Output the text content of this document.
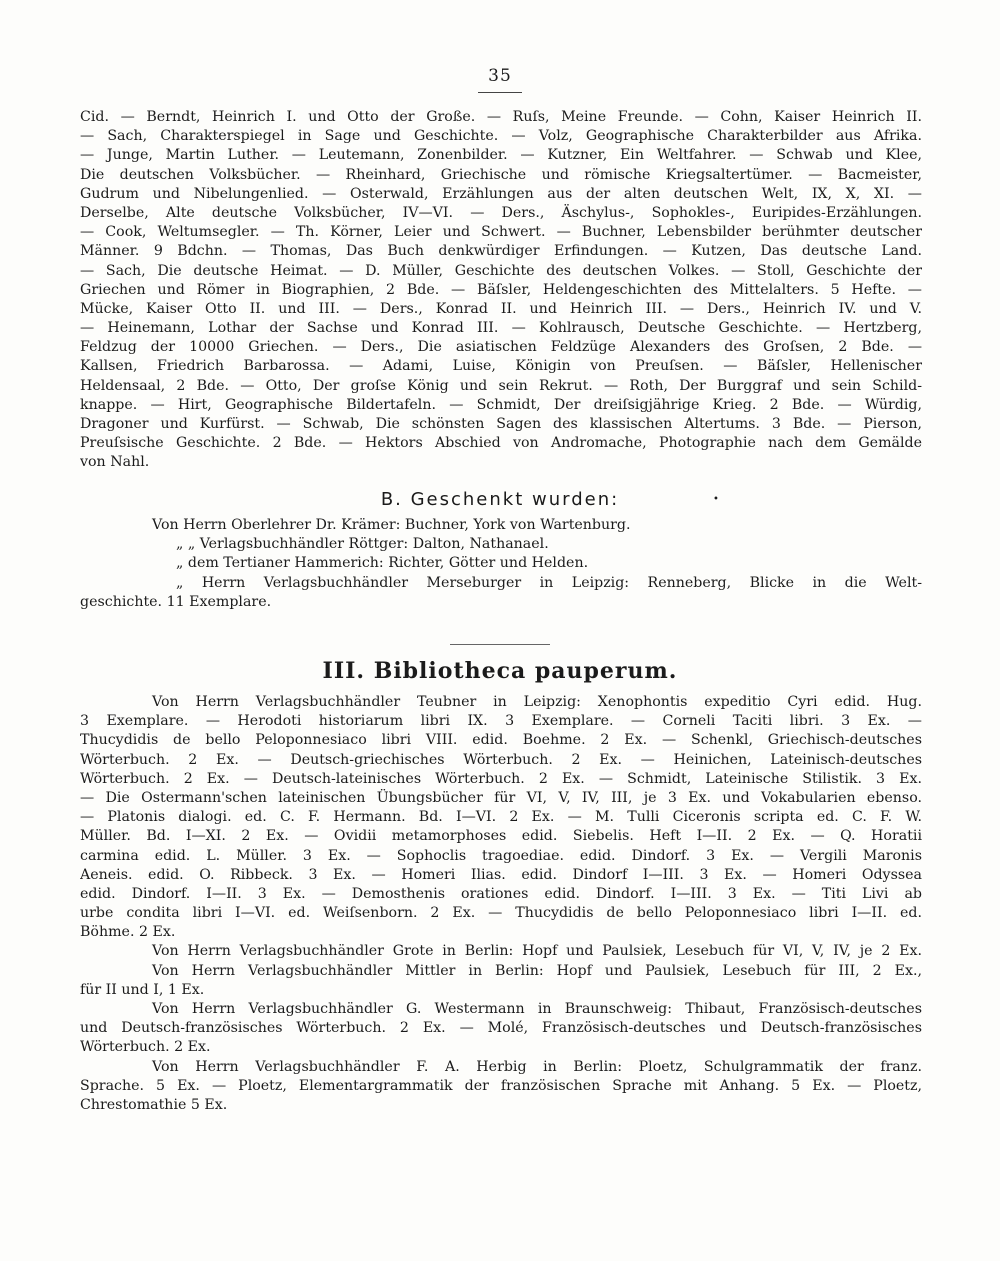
35
Cid. — Berndt, Heinrich I. und Otto der Große. — Ruſs, Meine Freunde. — Cohn, Kaiser Heinrich II.
— Sach, Charakterspiegel in Sage und Geschichte. — Volz, Geographische Charakterbilder aus Afrika.
— Junge, Martin Luther. — Leutemann, Zonenbilder. — Kutzner, Ein Weltfahrer. — Schwab und Klee,
Die deutschen Volksbücher. — Rheinhard, Griechische und römische Kriegsaltertümer. — Bacmeister,
Gudrum und Nibelungenlied. — Osterwald, Erzählungen aus der alten deutschen Welt, IX, X, XI. —
Derselbe, Alte deutsche Volksbücher, IV—VI. — Ders., Äschylus-, Sophokles-, Euripides-Erzählungen.
— Cook, Weltumsegler. — Th. Körner, Leier und Schwert. — Buchner, Lebensbilder berühmter deutscher
Männer. 9 Bdchn. — Thomas, Das Buch denkwürdiger Erfindungen. — Kutzen, Das deutsche Land.
— Sach, Die deutsche Heimat. — D. Müller, Geschichte des deutschen Volkes. — Stoll, Geschichte der
Griechen und Römer in Biographien, 2 Bde. — Bäſsler, Heldengeschichten des Mittelalters. 5 Hefte. —
Mücke, Kaiser Otto II. und III. — Ders., Konrad II. und Heinrich III. — Ders., Heinrich IV. und V.
— Heinemann, Lothar der Sachse und Konrad III. — Kohlrausch, Deutsche Geschichte. — Hertzberg,
Feldzug der 10000 Griechen. — Ders., Die asiatischen Feldzüge Alexanders des Groſsen, 2 Bde. —
Kallsen, Friedrich Barbarossa. — Adami, Luise, Königin von Preuſsen. — Bäſsler, Hellenischer
Heldensaal, 2 Bde. — Otto, Der groſse König und sein Rekrut. — Roth, Der Burggraf und sein Schild-
knappe. — Hirt, Geographische Bildertafeln. — Schmidt, Der dreiſsigjährige Krieg. 2 Bde. — Würdig,
Dragoner und Kurfürst. — Schwab, Die schönsten Sagen des klassischen Altertums. 3 Bde. — Pierson,
Preuſsische Geschichte. 2 Bde. — Hektors Abschied von Andromache, Photographie nach dem Gemälde
von Nahl.
B. Geschenkt wurden:	•
Von Herrn Oberlehrer Dr. Krämer: Buchner, York von Wartenburg.
„ „ Verlagsbuchhändler Röttger: Dalton, Nathanael.
„ dem Tertianer Hammerich: Richter, Götter und Helden.
„ Herrn Verlagsbuchhändler Merseburger in Leipzig: Renneberg, Blicke in die Welt-
geschichte. 11 Exemplare.
III. Bibliotheca pauperum.
Von Herrn Verlagsbuchhändler Teubner in Leipzig: Xenophontis expeditio Cyri edid. Hug.
3 Exemplare. — Herodoti historiarum libri IX. 3 Exemplare. — Corneli Taciti libri. 3 Ex. —
Thucydidis de bello Peloponnesiaco libri VIII. edid. Boehme. 2 Ex. — Schenkl, Griechisch-deutsches
Wörterbuch. 2 Ex. — Deutsch-griechisches Wörterbuch. 2 Ex. — Heinichen, Lateinisch-deutsches
Wörterbuch. 2 Ex. — Deutsch-lateinisches Wörterbuch. 2 Ex. — Schmidt, Lateinische Stilistik. 3 Ex.
— Die Ostermann'schen lateinischen Übungsbücher für VI, V, IV, III, je 3 Ex. und Vokabularien ebenso.
— Platonis dialogi. ed. C. F. Hermann. Bd. I—VI. 2 Ex. — M. Tulli Ciceronis scripta ed. C. F. W.
Müller. Bd. I—XI. 2 Ex. — Ovidii metamorphoses edid. Siebelis. Heft I—II. 2 Ex. — Q. Horatii
carmina edid. L. Müller. 3 Ex. — Sophoclis tragoediae. edid. Dindorf. 3 Ex. — Vergili Maronis
Aeneis. edid. O. Ribbeck. 3 Ex. — Homeri Ilias. edid. Dindorf I—III. 3 Ex. — Homeri Odyssea
edid. Dindorf. I—II. 3 Ex. — Demosthenis orationes edid. Dindorf. I—III. 3 Ex. — Titi Livi ab
urbe condita libri I—VI. ed. Weiſsenborn. 2 Ex. — Thucydidis de bello Peloponnesiaco libri I—II. ed.
Böhme. 2 Ex.
Von Herrn Verlagsbuchhändler Grote in Berlin: Hopf und Paulsiek, Lesebuch für VI, V, IV, je 2 Ex.
Von Herrn Verlagsbuchhändler Mittler in Berlin: Hopf und Paulsiek, Lesebuch für III, 2 Ex.,
für II und I, 1 Ex.
Von Herrn Verlagsbuchhändler G. Westermann in Braunschweig: Thibaut, Französisch-deutsches
und Deutsch-französisches Wörterbuch. 2 Ex. — Molé, Französisch-deutsches und Deutsch-französisches
Wörterbuch. 2 Ex.
Von Herrn Verlagsbuchhändler F. A. Herbig in Berlin: Ploetz, Schulgrammatik der franz.
Sprache. 5 Ex. — Ploetz, Elementargrammatik der französischen Sprache mit Anhang. 5 Ex. — Ploetz,
Chrestomathie 5 Ex.
